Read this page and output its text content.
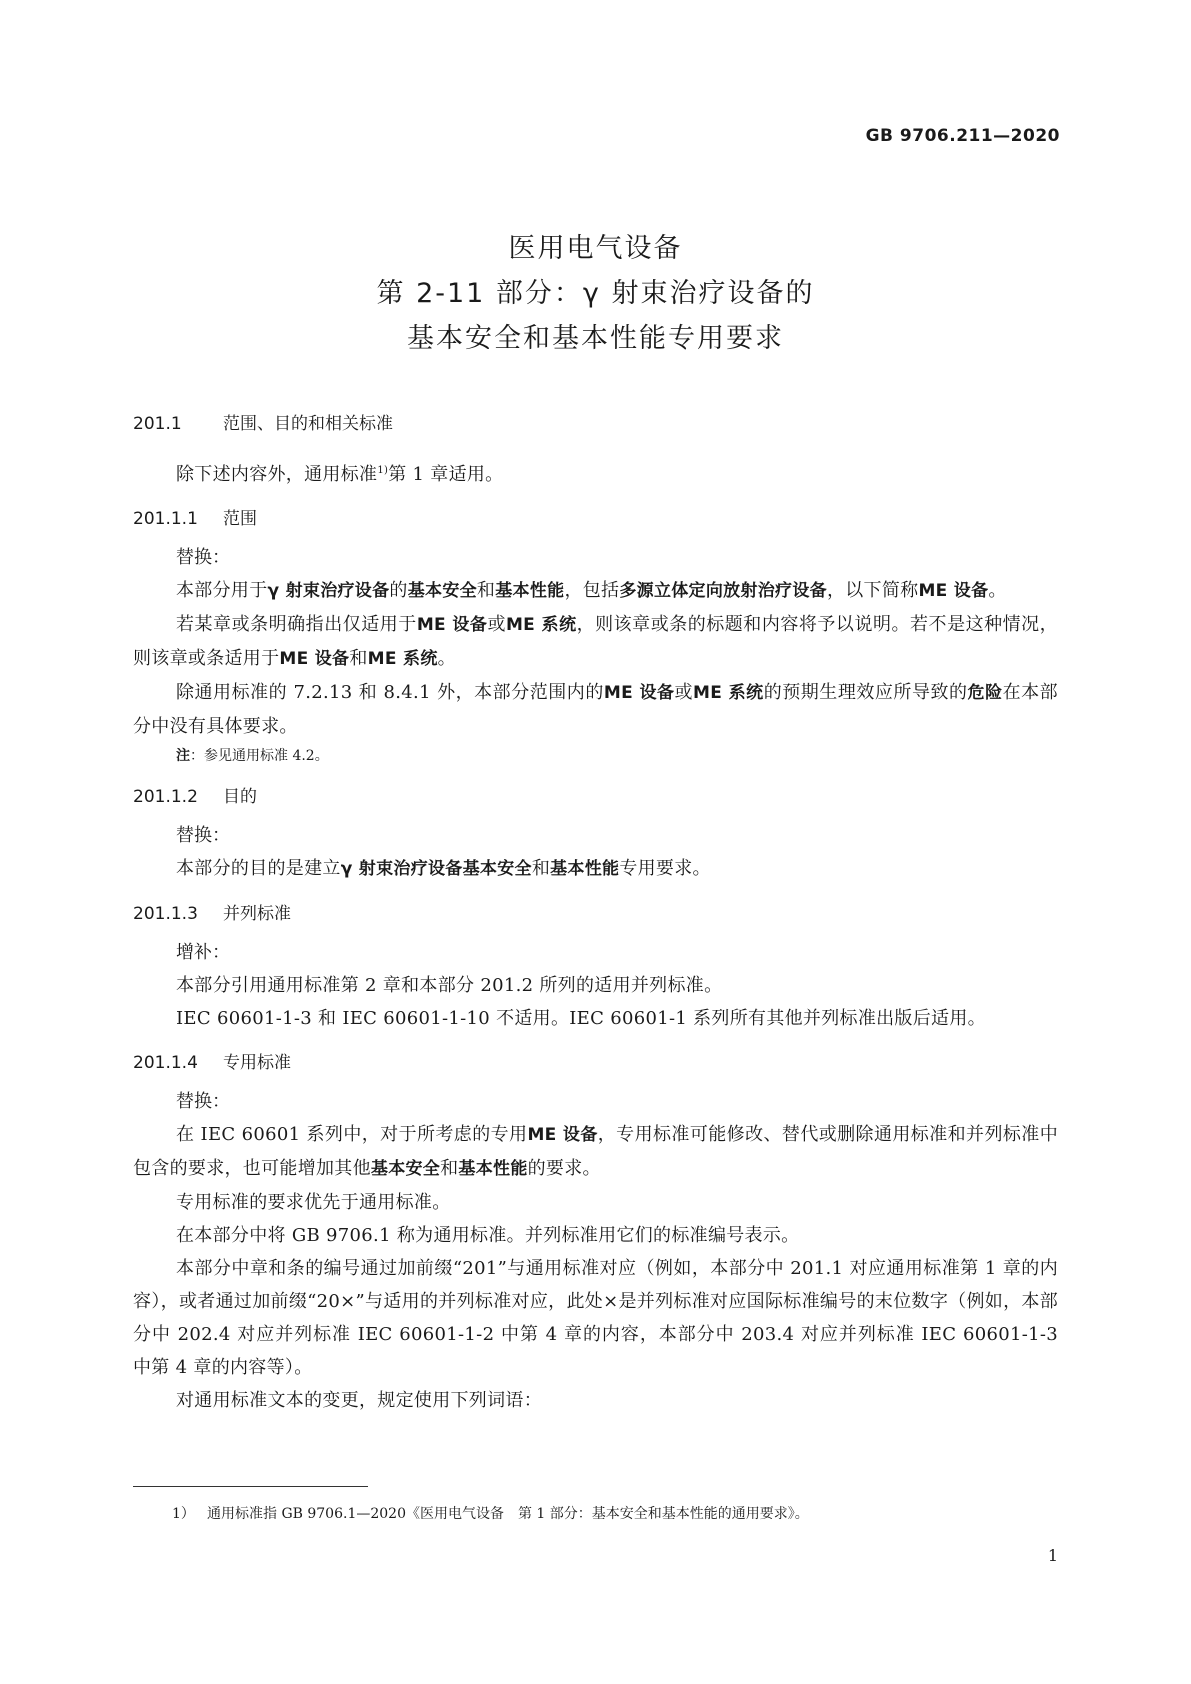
GB 9706.211—2020
医用电气设备
第 2-11 部分：γ 射束治疗设备的
基本安全和基本性能专用要求
201.1 范围、目的和相关标准
除下述内容外，通用标准$^{1)}$第 1 章适用。
201.1.1 范围
替换：
本部分用于γ 射束治疗设备的基本安全和基本性能，包括多源立体定向放射治疗设备，以下简称ME 设备。
若某章或条明确指出仅适用于ME 设备或ME 系统，则该章或条的标题和内容将予以说明。若不是这种情况，则该章或条适用于ME 设备和ME 系统。
除通用标准的 7.2.13 和 8.4.1 外，本部分范围内的ME 设备或ME 系统的预期生理效应所导致的危险在本部分中没有具体要求。
注：参见通用标准 4.2。
201.1.2 目的
替换：
本部分的目的是建立γ 射束治疗设备基本安全和基本性能专用要求。
201.1.3 并列标准
增补：
本部分引用通用标准第 2 章和本部分 201.2 所列的适用并列标准。
IEC 60601-1-3 和 IEC 60601-1-10 不适用。IEC 60601-1 系列所有其他并列标准出版后适用。
201.1.4 专用标准
替换：
在 IEC 60601 系列中，对于所考虑的专用ME 设备，专用标准可能修改、替代或删除通用标准和并列标准中包含的要求，也可能增加其他基本安全和基本性能的要求。
专用标准的要求优先于通用标准。
在本部分中将 GB 9706.1 称为通用标准。并列标准用它们的标准编号表示。
本部分中章和条的编号通过加前缀“201”与通用标准对应（例如，本部分中 201.1 对应通用标准第 1 章的内容），或者通过加前缀“20×”与适用的并列标准对应，此处×是并列标准对应国际标准编号的末位数字（例如，本部分中 202.4 对应并列标准 IEC 60601-1-2 中第 4 章的内容，本部分中 203.4 对应并列标准 IEC 60601-1-3 中第 4 章的内容等）。
对通用标准文本的变更，规定使用下列词语：
1） 通用标准指 GB 9706.1—2020《医用电气设备　第 1 部分：基本安全和基本性能的通用要求》。
1
